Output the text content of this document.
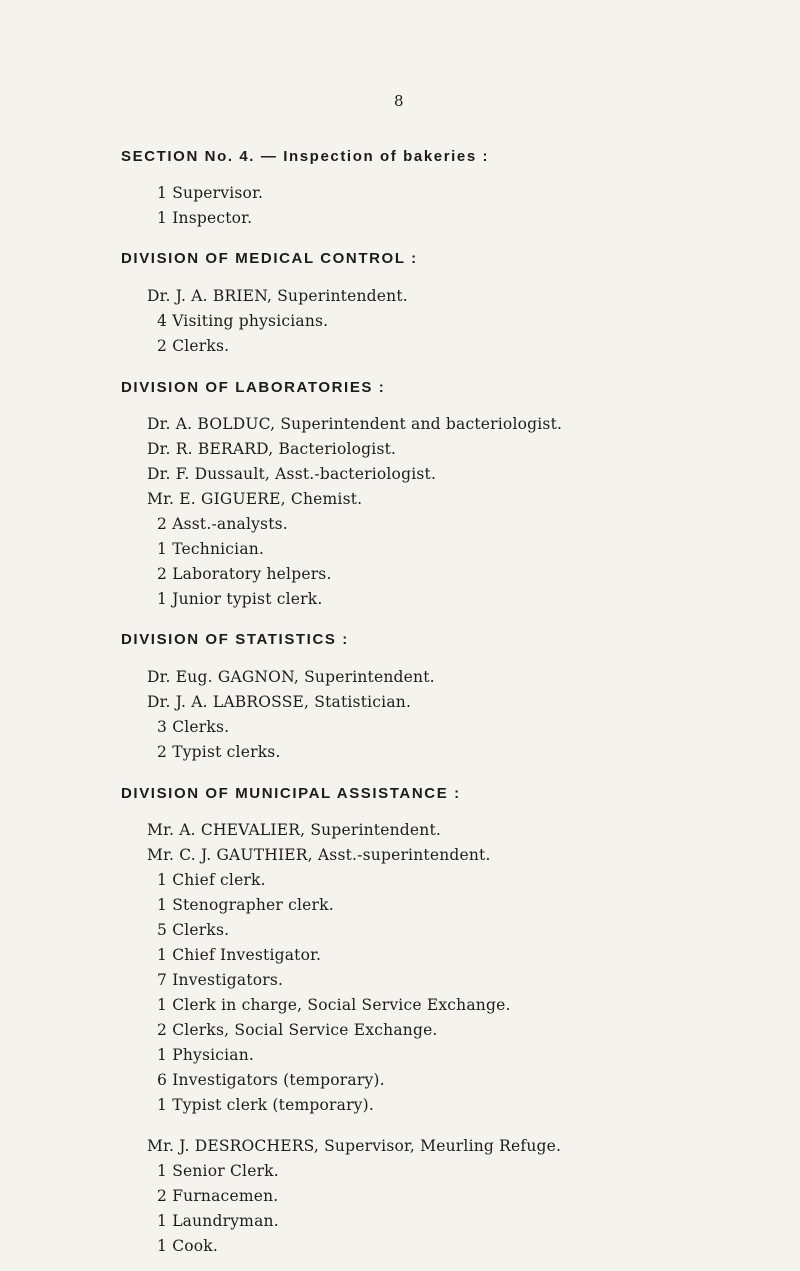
8
SECTION No. 4. — Inspection of bakeries :
1 Supervisor.
1 Inspector.
DIVISION OF MEDICAL CONTROL :
Dr. J. A. BRIEN, Superintendent.
4 Visiting physicians.
2 Clerks.
DIVISION OF LABORATORIES :
Dr. A. BOLDUC, Superintendent and bacteriologist.
Dr. R. BERARD, Bacteriologist.
Dr. F. Dussault, Asst.-bacteriologist.
Mr. E. GIGUERE, Chemist.
2 Asst.-analysts.
1 Technician.
2 Laboratory helpers.
1 Junior typist clerk.
DIVISION OF STATISTICS :
Dr. Eug. GAGNON, Superintendent.
Dr. J. A. LABROSSE, Statistician.
3 Clerks.
2 Typist clerks.
DIVISION OF MUNICIPAL ASSISTANCE :
Mr. A. CHEVALIER, Superintendent.
Mr. C. J. GAUTHIER, Asst.-superintendent.
1 Chief clerk.
1 Stenographer clerk.
5 Clerks.
1 Chief Investigator.
7 Investigators.
1 Clerk in charge, Social Service Exchange.
2 Clerks, Social Service Exchange.
1 Physician.
6 Investigators (temporary).
1 Typist clerk (temporary).
Mr. J. DESROCHERS, Supervisor, Meurling Refuge.
1 Senior Clerk.
2 Furnacemen.
1 Laundryman.
1 Cook.
